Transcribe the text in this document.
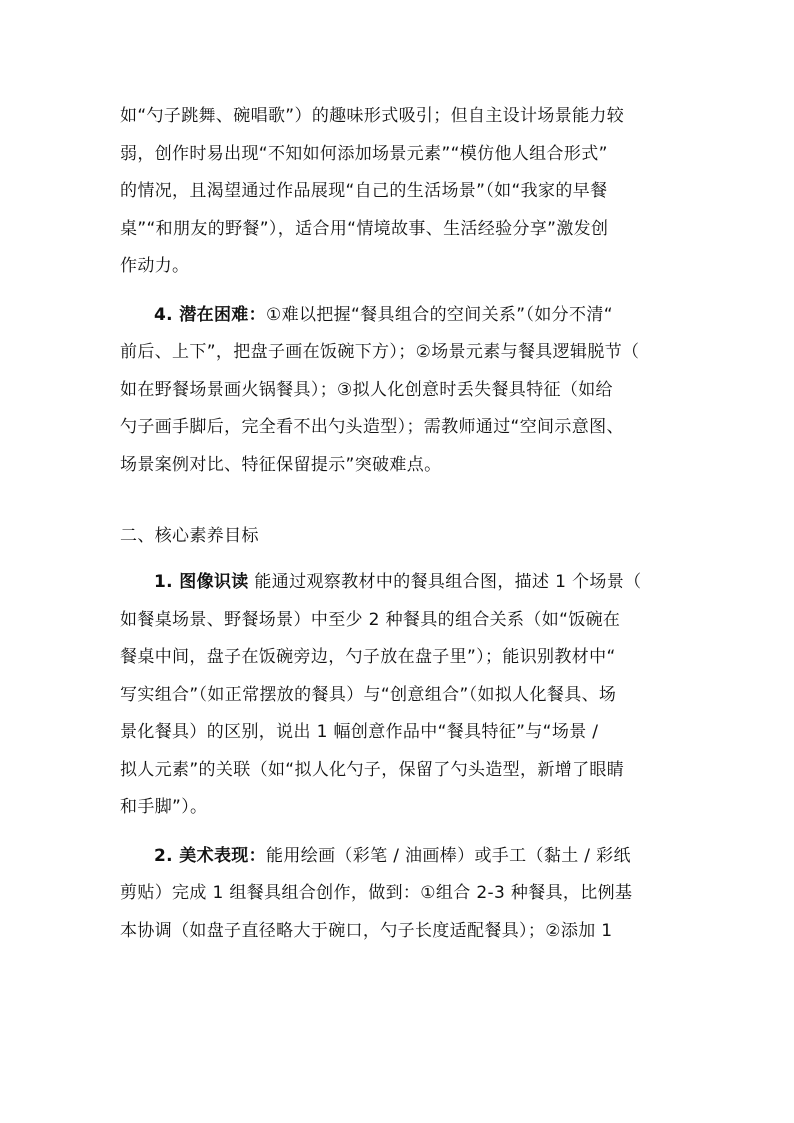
如“勺子跳舞、碗唱歌”）的趣味形式吸引；但自主设计场景能力较
弱，创作时易出现“不知如何添加场景元素”“模仿他人组合形式”
的情况，且渴望通过作品展现“自己的生活场景”（如“我家的早餐
桌”“和朋友的野餐”），适合用“情境故事、生活经验分享”激发创
作动力。

4. 潜在困难：①难以把握“餐具组合的空间关系”（如分不清“
前后、上下”，把盘子画在饭碗下方）；②场景元素与餐具逻辑脱节（
如在野餐场景画火锅餐具）；③拟人化创意时丢失餐具特征（如给
勺子画手脚后，完全看不出勺头造型）；需教师通过“空间示意图、
场景案例对比、特征保留提示”突破难点。

二、核心素养目标

1. 图像识读 能通过观察教材中的餐具组合图，描述 1 个场景（
如餐桌场景、野餐场景）中至少 2 种餐具的组合关系（如“饭碗在
餐桌中间，盘子在饭碗旁边，勺子放在盘子里”）；能识别教材中“
写实组合”（如正常摆放的餐具）与“创意组合”（如拟人化餐具、场
景化餐具）的区别，说出 1 幅创意作品中“餐具特征”与“场景 /
拟人元素”的关联（如“拟人化勺子，保留了勺头造型，新增了眼睛
和手脚”）。

2. 美术表现：能用绘画（彩笔 / 油画棒）或手工（黏土 / 彩纸
剪贴）完成 1 组餐具组合创作，做到：①组合 2-3 种餐具，比例基
本协调（如盘子直径略大于碗口，勺子长度适配餐具）；②添加 1
